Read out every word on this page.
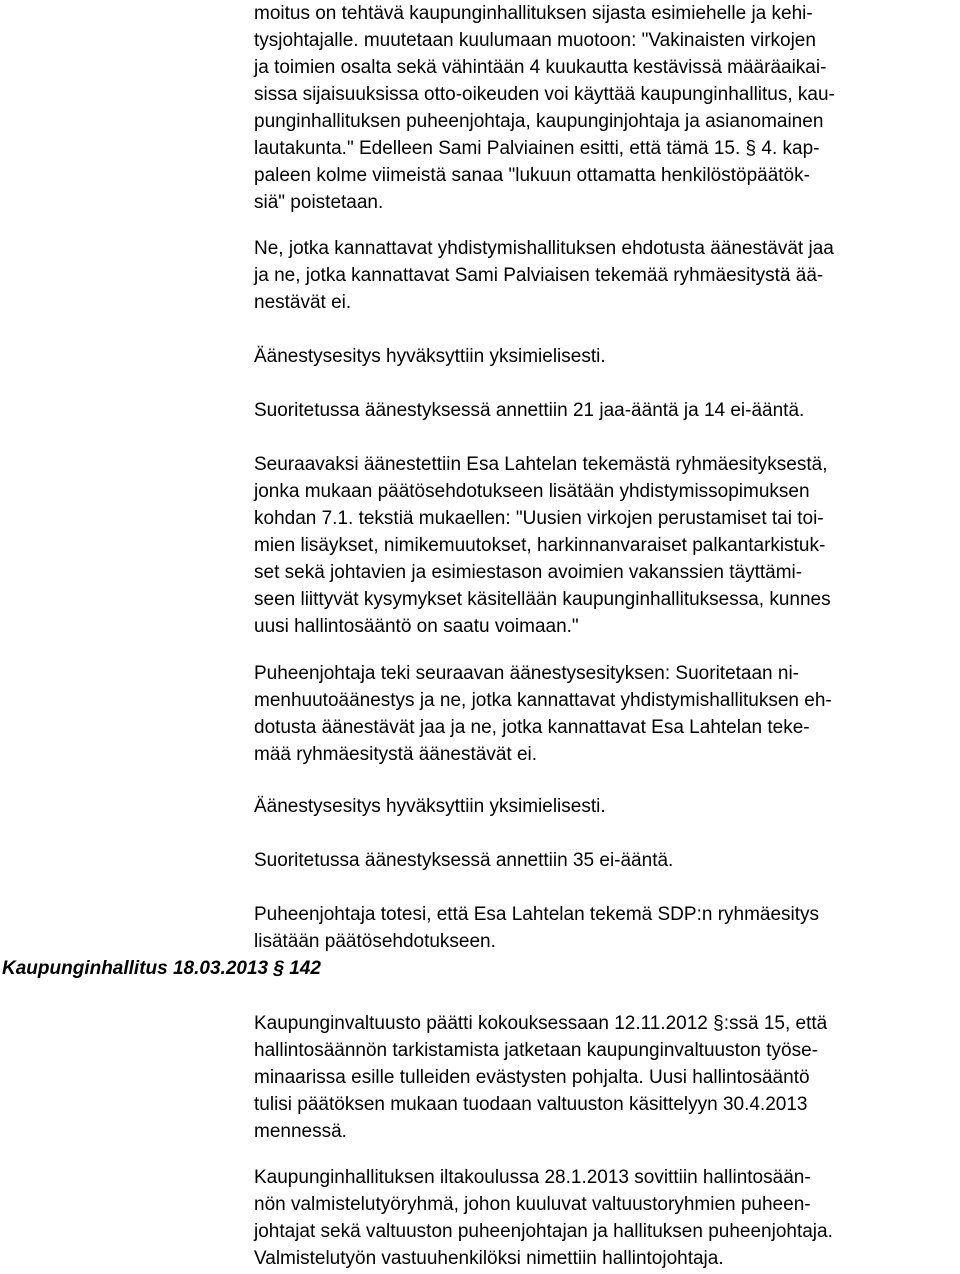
Kaupunginhallitus 18.03.2013 § 142
moitus on tehtävä kaupunginhallituksen sijasta esimiehelle ja kehi-
tysjohtajalle. muutetaan kuulumaan muotoon: "Vakinaisten virkojen
ja toimien osalta sekä vähintään 4 kuukautta kestävissä määräaikai-
sissa sijaisuuksissa otto-oikeuden voi käyttää kaupunginhallitus, kau-
punginhallituksen puheenjohtaja, kaupunginjohtaja ja asianomainen
lautakunta." Edelleen Sami Palviainen esitti, että tämä 15. § 4. kap-
paleen kolme viimeistä sanaa "lukuun ottamatta henkilöstöpäätök-
siä" poistetaan.
Ne, jotka kannattavat yhdistymishallituksen ehdotusta äänestävät jaa
ja ne, jotka kannattavat Sami Palviaisen tekemää ryhmäesitystä ää-
nestävät ei.
Äänestysesitys hyväksyttiin yksimielisesti.
Suoritetussa äänestyksessä annettiin 21 jaa-ääntä ja 14 ei-ääntä.
Seuraavaksi äänestettiin Esa Lahtelan tekemästä ryhmäesityksestä,
jonka mukaan päätösehdotukseen lisätään yhdistymissopimuksen
kohdan 7.1. tekstiä mukaellen: "Uusien virkojen perustamiset tai toi-
mien lisäykset, nimikemuutokset, harkinnanvaraiset palkantarkistuk-
set sekä johtavien ja esimiestason avoimien vakanssien täyttämi-
seen liittyvät kysymykset käsitellään kaupunginhallituksessa, kunnes
uusi hallintosääntö on saatu voimaan."
Puheenjohtaja teki seuraavan äänestysesityksen: Suoritetaan ni-
menhuutoäänestys ja ne, jotka kannattavat yhdistymishallituksen eh-
dotusta äänestävät jaa ja ne, jotka kannattavat Esa Lahtelan teke-
mää ryhmäesitystä äänestävät ei.
Äänestysesitys hyväksyttiin yksimielisesti.
Suoritetussa äänestyksessä annettiin 35 ei-ääntä.
Puheenjohtaja totesi, että Esa Lahtelan tekemä SDP:n ryhmäesitys
lisätään päätösehdotukseen.
Kaupunginvaltuusto päätti kokouksessaan 12.11.2012 §:ssä 15, että
hallintosäännön tarkistamista jatketaan kaupunginvaltuuston työse-
minaarissa esille tulleiden evästysten pohjalta. Uusi hallintosääntö
tulisi päätöksen mukaan tuodaan valtuuston käsittelyyn 30.4.2013
mennessä.
Kaupunginhallituksen iltakoulussa 28.1.2013 sovittiin hallintosään-
nön valmistelutyöryhmä, johon kuuluvat valtuustoryhmien puheen-
johtajat sekä valtuuston puheenjohtajan ja hallituksen puheenjohtaja.
Valmistelutyön vastuuhenkilöksi nimettiin hallintojohtaja.
